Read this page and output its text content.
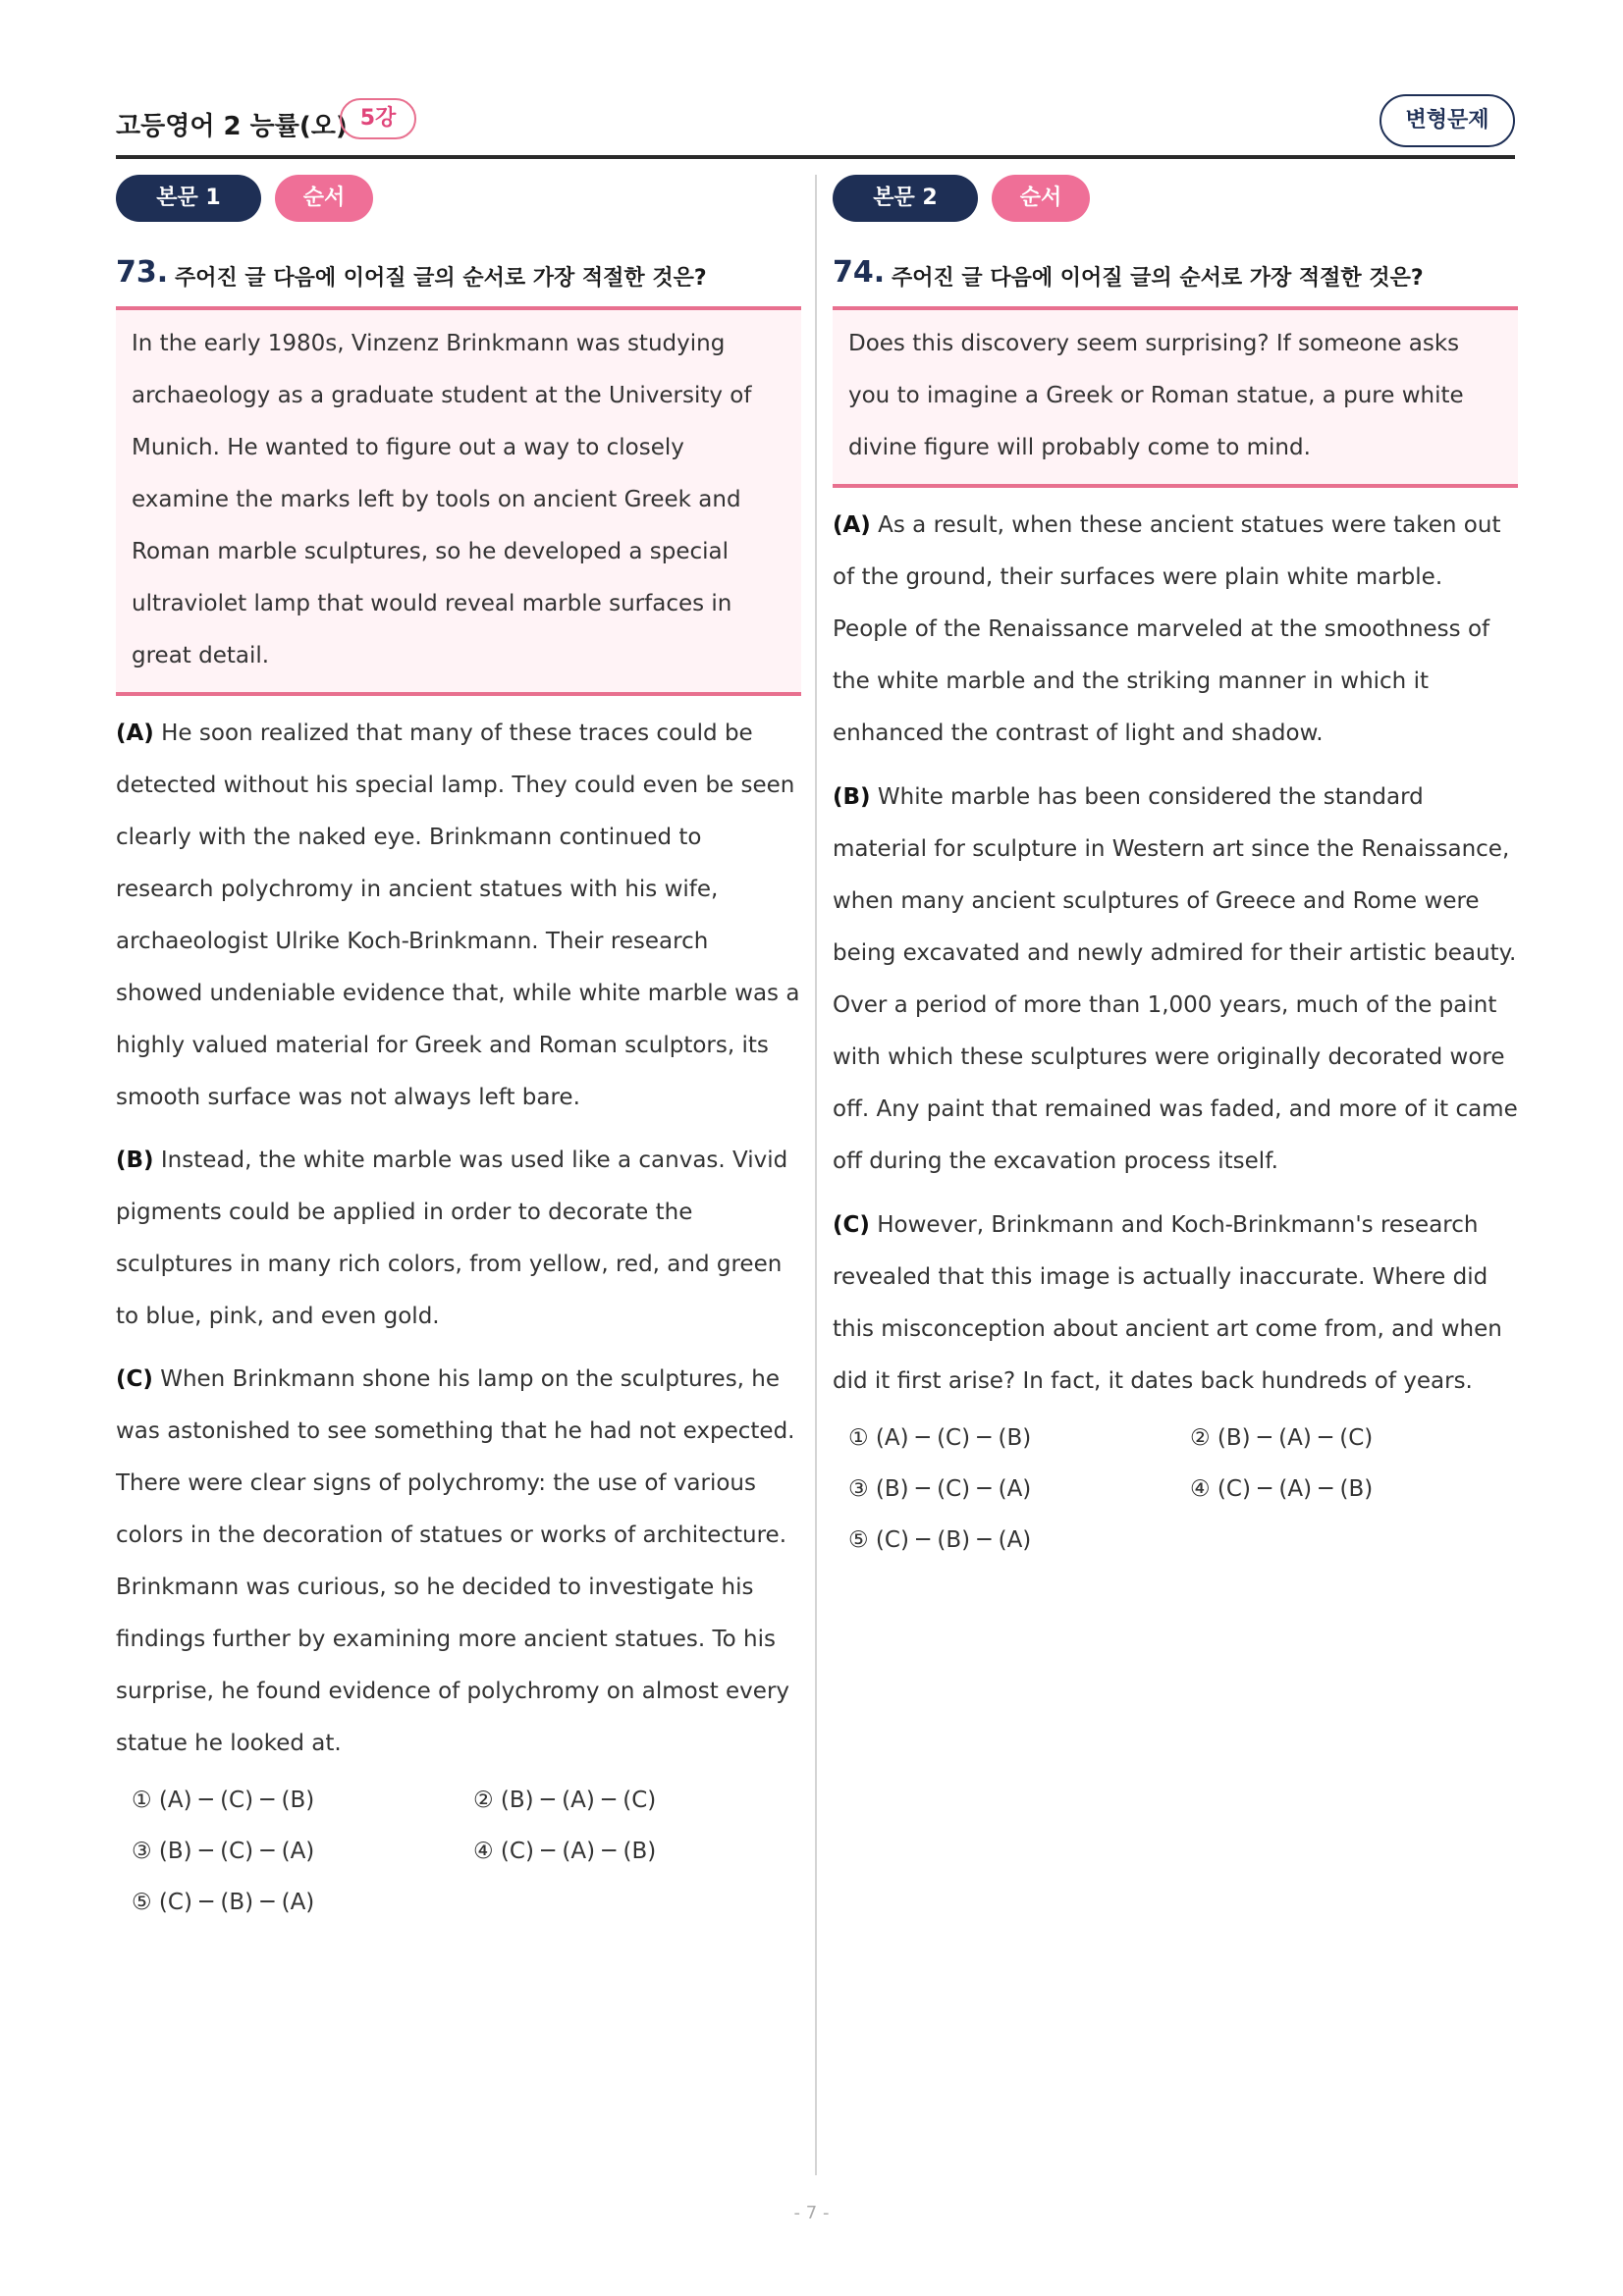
고등영어 2 능률(오) 5강	변형문제
본문 1	순서
73. 주어진 글 다음에 이어질 글의 순서로 가장 적절한 것은?
In the early 1980s, Vinzenz Brinkmann was studying archaeology as a graduate student at the University of Munich. He wanted to figure out a way to closely examine the marks left by tools on ancient Greek and Roman marble sculptures, so he developed a special ultraviolet lamp that would reveal marble surfaces in great detail.
(A) He soon realized that many of these traces could be detected without his special lamp. They could even be seen clearly with the naked eye. Brinkmann continued to research polychromy in ancient statues with his wife, archaeologist Ulrike Koch-Brinkmann. Their research showed undeniable evidence that, while white marble was a highly valued material for Greek and Roman sculptors, its smooth surface was not always left bare.
(B) Instead, the white marble was used like a canvas. Vivid pigments could be applied in order to decorate the sculptures in many rich colors, from yellow, red, and green to blue, pink, and even gold.
(C) When Brinkmann shone his lamp on the sculptures, he was astonished to see something that he had not expected. There were clear signs of polychromy: the use of various colors in the decoration of statues or works of architecture. Brinkmann was curious, so he decided to investigate his findings further by examining more ancient statues. To his surprise, he found evidence of polychromy on almost every statue he looked at.
① (A) ─ (C) ─ (B)	② (B) ─ (A) ─ (C)
③ (B) ─ (C) ─ (A)	④ (C) ─ (A) ─ (B)
⑤ (C) ─ (B) ─ (A)
본문 2	순서
74. 주어진 글 다음에 이어질 글의 순서로 가장 적절한 것은?
Does this discovery seem surprising? If someone asks you to imagine a Greek or Roman statue, a pure white divine figure will probably come to mind.
(A) As a result, when these ancient statues were taken out of the ground, their surfaces were plain white marble. People of the Renaissance marveled at the smoothness of the white marble and the striking manner in which it enhanced the contrast of light and shadow.
(B) White marble has been considered the standard material for sculpture in Western art since the Renaissance, when many ancient sculptures of Greece and Rome were being excavated and newly admired for their artistic beauty. Over a period of more than 1,000 years, much of the paint with which these sculptures were originally decorated wore off. Any paint that remained was faded, and more of it came off during the excavation process itself.
(C) However, Brinkmann and Koch-Brinkmann's research revealed that this image is actually inaccurate. Where did this misconception about ancient art come from, and when did it first arise? In fact, it dates back hundreds of years.
① (A) ─ (C) ─ (B)	② (B) ─ (A) ─ (C)
③ (B) ─ (C) ─ (A)	④ (C) ─ (A) ─ (B)
⑤ (C) ─ (B) ─ (A)
- 7 -
